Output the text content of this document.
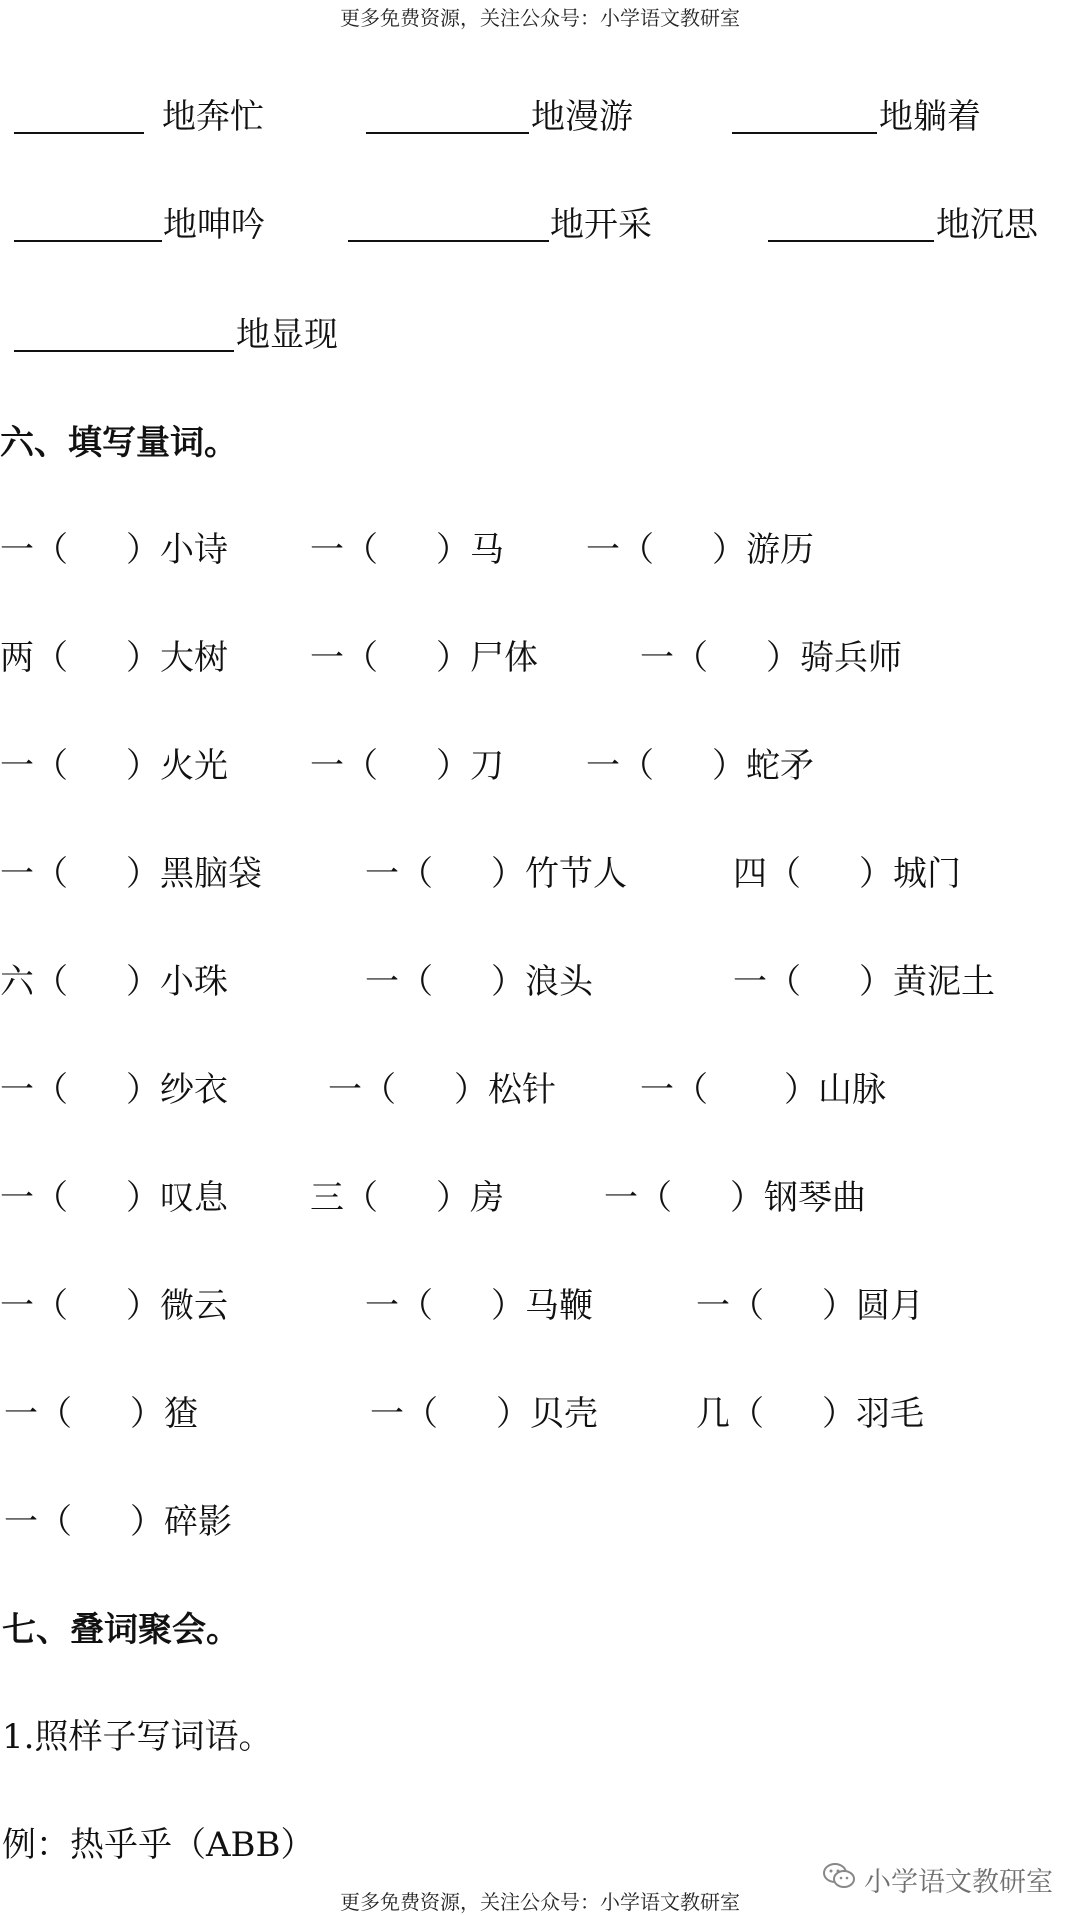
更多免费资源，关注公众号：小学语文教研室
地奔忙	地漫游	地躺着
地呻吟	地开采	地沉思
地显现
六、填写量词。
一（ ）小诗 一（ ）马 一（ ）游历
两（ ）大树 一（ ）尸体	一（ ）骑兵师
一（ ）火光 一（ ）刀 一（ ）蛇矛
一（ ）黑脑袋	一（ ）竹节人	四（ ）城门
六（ ）小珠	一（ ）浪头	一（ ）黄泥土
一（ ）纱衣	一（ ）松针 一（ ）山脉
一（ ）叹息 三（ ）房	一（ ）钢琴曲
一（ ）微云	一（ ）马鞭	一（ ）圆月
一（ ）猹	一（ ）贝壳	几（ ）羽毛
一（ ）碎影
七、叠词聚会。
1.照样子写词语。
例：热乎乎（ABB）
小学语文教研室
更多免费资源，关注公众号：小学语文教研室
